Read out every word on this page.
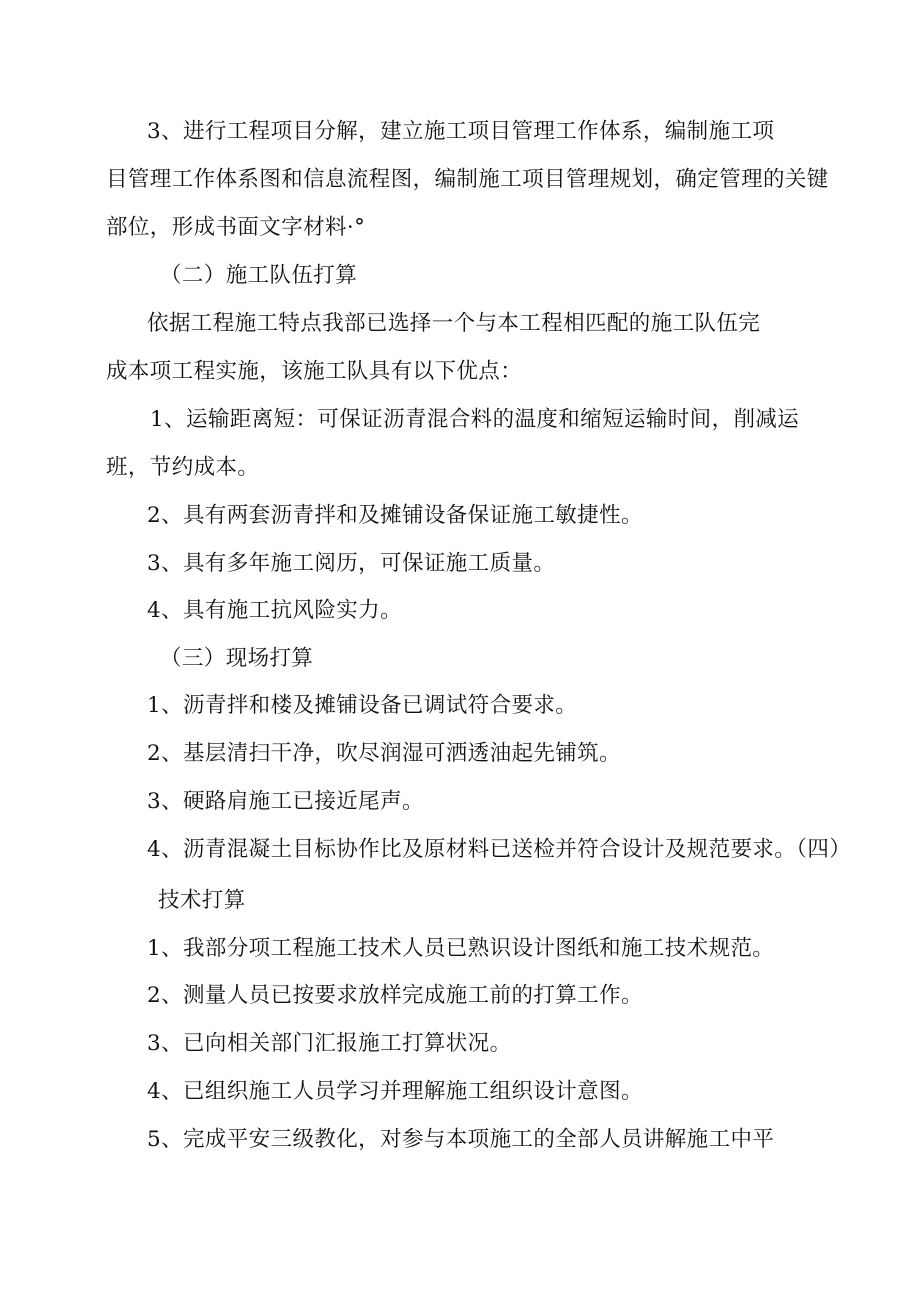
3、进行工程项目分解，建立施工项目管理工作体系，编制施工项
目管理工作体系图和信息流程图，编制施工项目管理规划，确定管理的关键
部位，形成书面文字材料·°
（二）施工队伍打算
依据工程施工特点我部已选择一个与本工程相匹配的施工队伍完
成本项工程实施，该施工队具有以下优点：
1、运输距离短：可保证沥青混合料的温度和缩短运输时间，削减运
班，节约成本。
2、具有两套沥青拌和及摊铺设备保证施工敏捷性。
3、具有多年施工阅历，可保证施工质量。
4、具有施工抗风险实力。
（三）现场打算
1、沥青拌和楼及摊铺设备已调试符合要求。
2、基层清扫干净，吹尽润湿可洒透油起先铺筑。
3、硬路肩施工已接近尾声。
4、沥青混凝土目标协作比及原材料已送检并符合设计及规范要求。（四）
技术打算
1、我部分项工程施工技术人员已熟识设计图纸和施工技术规范。
2、测量人员已按要求放样完成施工前的打算工作。
3、已向相关部门汇报施工打算状况。
4、已组织施工人员学习并理解施工组织设计意图。
5、完成平安三级教化，对参与本项施工的全部人员讲解施工中平
